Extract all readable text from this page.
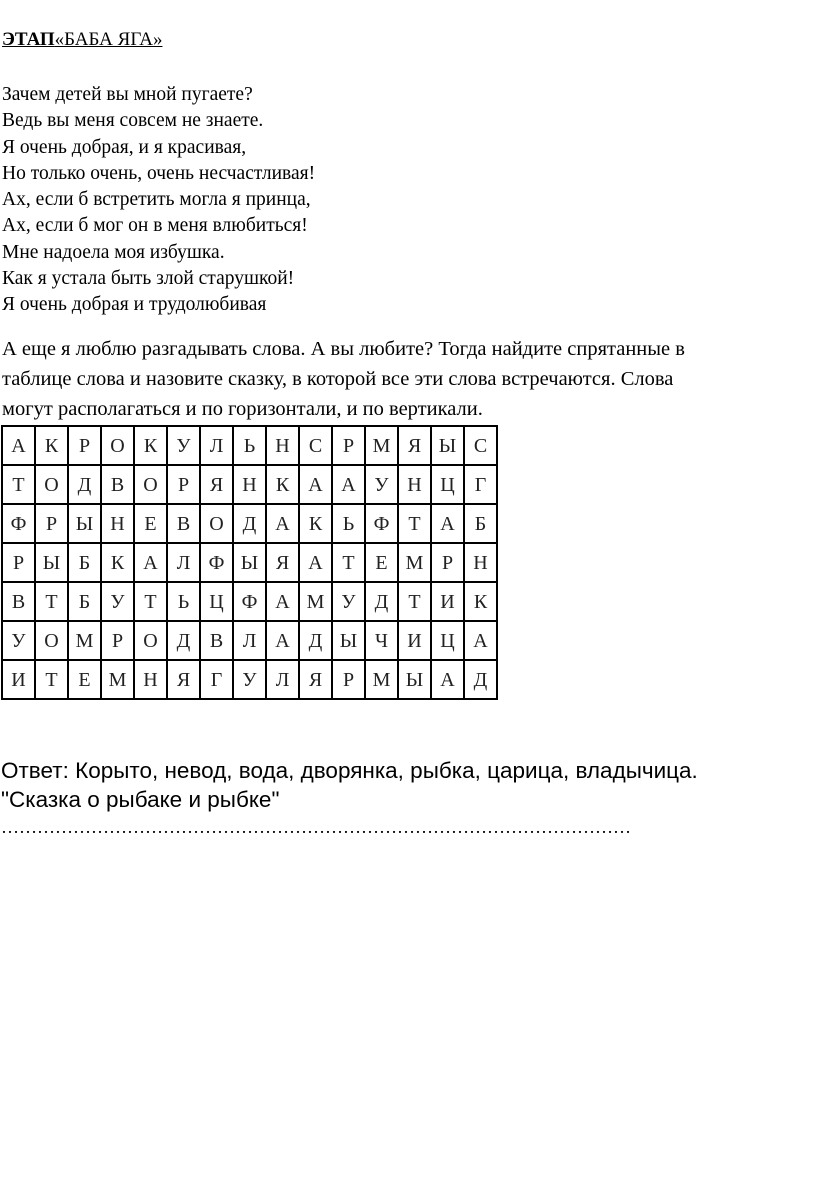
ЭТАП«БАБА ЯГА»
Зачем детей вы мной пугаете?
Ведь вы меня совсем не знаете.
Я очень добрая, и я красивая,
Но только очень, очень несчастливая!
Ах, если б встретить могла я принца,
Ах, если б мог он в меня влюбиться!
Мне надоела моя избушка.
Как я устала быть злой старушкой!
Я очень добрая и трудолюбивая
А еще я люблю разгадывать слова. А вы любите? Тогда найдите спрятанные в
таблице слова и назовите сказку, в которой все эти слова встречаются. Слова
могут располагаться и по горизонтали, и по вертикали.
А	К	Р	О	К	У	Л	Ь	Н	С	Р	М	Я	Ы	С
Т	О	Д	В	О	Р	Я	Н	К	А	А	У	Н	Ц	Г
Ф	Р	Ы	Н	Е	В	О	Д	А	К	Ь	Ф	Т	А	Б
Р	Ы	Б	К	А	Л	Ф	Ы	Я	А	Т	Е	М	Р	Н
В	Т	Б	У	Т	Ь	Ц	Ф	А	М	У	Д	Т	И	К
У	О	М	Р	О	Д	В	Л	А	Д	Ы	Ч	И	Ц	А
И	Т	Е	М	Н	Я	Г	У	Л	Я	Р	М	Ы	А	Д
Ответ: Корыто, невод, вода, дворянка, рыбка, царица, владычица.
"Сказка о рыбаке и рыбке"
……………………………………………………………………………………………
